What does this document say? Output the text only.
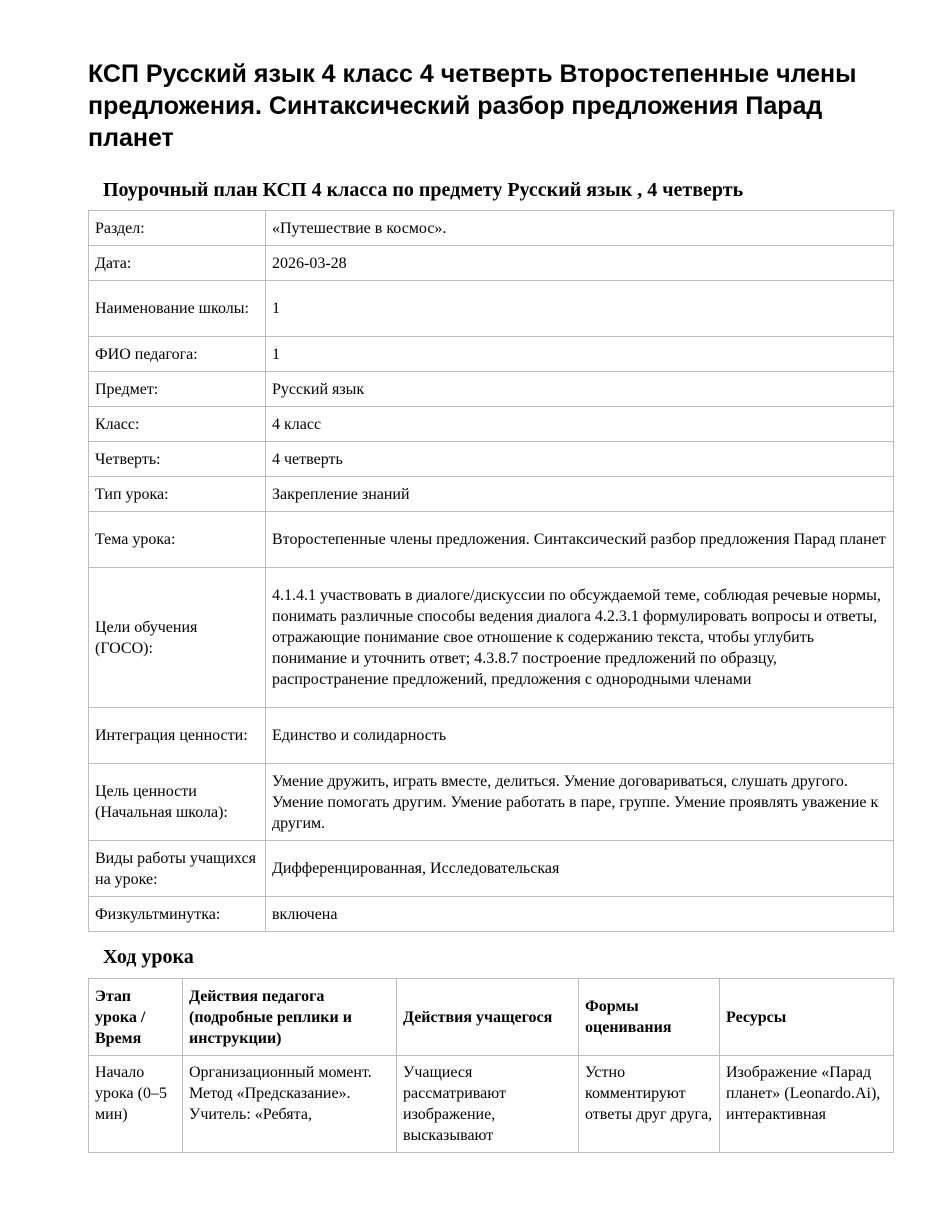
КСП Русский язык 4 класс 4 четверть Второстепенные члены предложения. Синтаксический разбор предложения Парад планет
Поурочный план КСП 4 класса по предмету Русский язык , 4 четверть
Раздел:	«Путешествие в космос».
Дата:	2026-03-28
Наименование школы:	1
ФИО педагога:	1
Предмет:	Русский язык
Класс:	4 класс
Четверть:	4 четверть
Тип урока:	Закрепление знаний
Тема урока:	Второстепенные члены предложения. Синтаксический разбор предложения Парад планет
Цели обучения (ГОСО):	4.1.4.1 участвовать в диалоге/дискуссии по обсуждаемой теме, соблюдая речевые нормы, понимать различные способы ведения диалога 4.2.3.1 формулировать вопросы и ответы, отражающие понимание свое отношение к содержанию текста, чтобы углубить понимание и уточнить ответ; 4.3.8.7 построение предложений по образцу, распространение предложений, предложения с однородными членами
Интеграция ценности:	Единство и солидарность
Цель ценности (Начальная школа):	Умение дружить, играть вместе, делиться. Умение договариваться, слушать другого. Умение помогать другим. Умение работать в паре, группе. Умение проявлять уважение к другим.
Виды работы учащихся на уроке:	Дифференцированная, Исследовательская
Физкультминутка:	включена
Ход урока
Этап урока / Время	Действия педагога (подробные реплики и инструкции)	Действия учащегося	Формы оценивания	Ресурсы
Начало урока (0–5 мин)	Организационный момент. Метод «Предсказание». Учитель: «Ребята,	Учащиеся рассматривают изображение, высказывают	Устно комментируют ответы друг друга,	Изображение «Парад планет» (Leonardo.Ai), интерактивная
